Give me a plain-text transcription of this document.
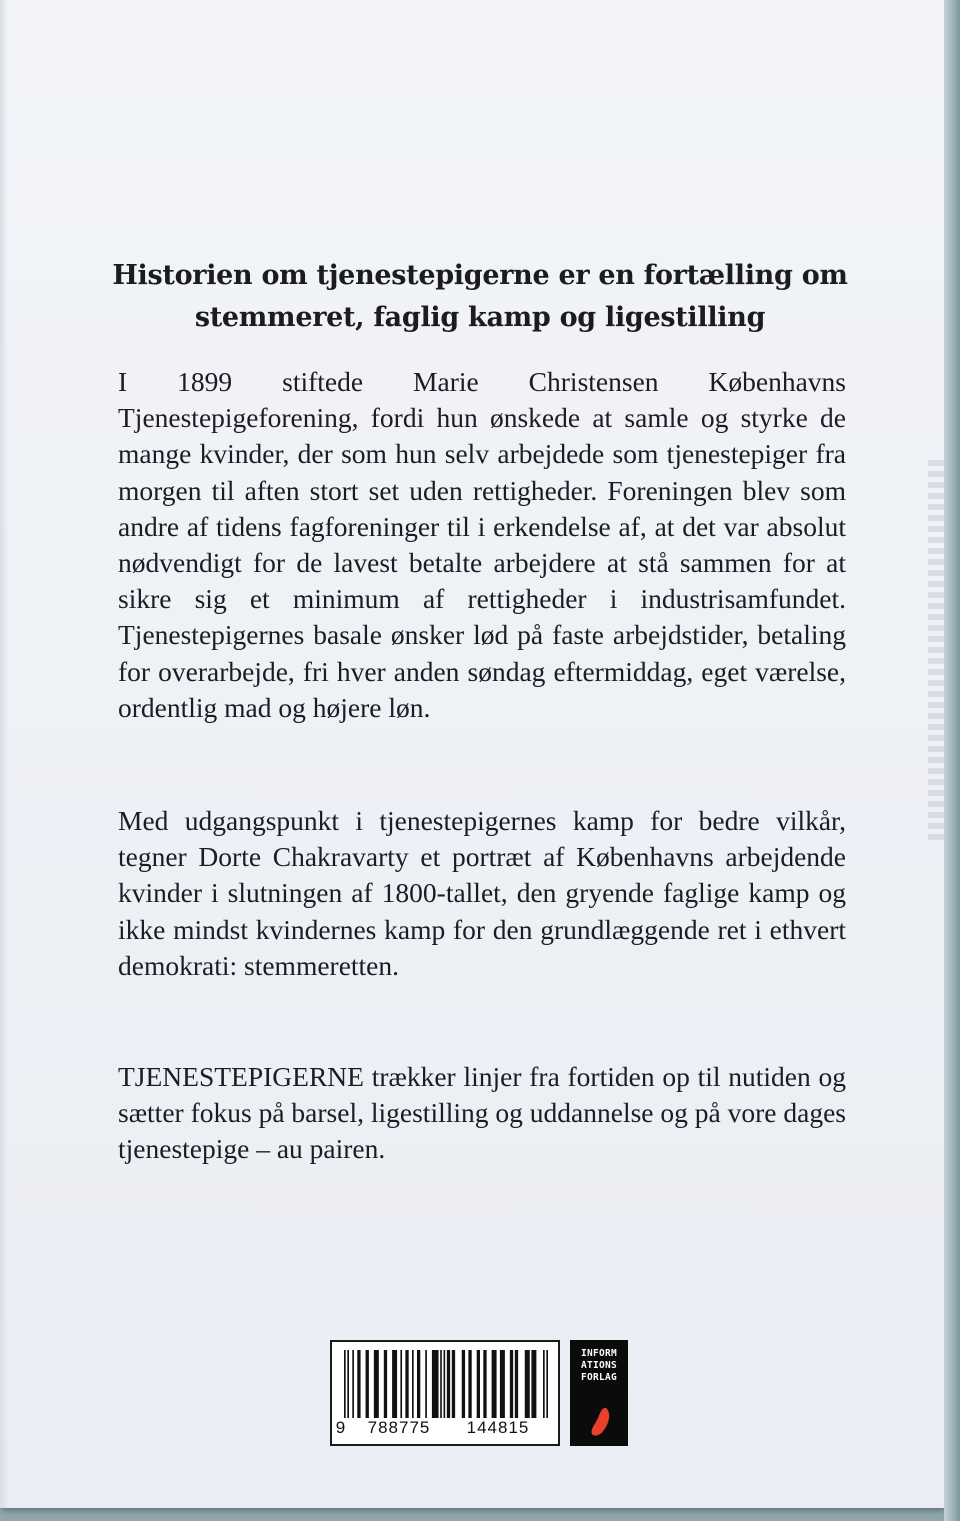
Historien om tjenestepigerne er en fortælling om stemmeret, faglig kamp og ligestilling

I 1899 stiftede Marie Christensen Københavns Tjenestepigeforening, fordi hun ønskede at samle og styrke de mange kvinder, der som hun selv arbejdede som tjenestepiger fra morgen til aften stort set uden rettigheder. Foreningen blev som andre af tidens fagforeninger til i erkendelse af, at det var absolut nødvendigt for de lavest betalte arbejdere at stå sammen for at sikre sig et minimum af rettigheder i industrisamfundet. Tjenestepigernes basale ønsker lød på faste arbejdstider, betaling for overarbejde, fri hver anden søndag eftermiddag, eget værelse, ordentlig mad og højere løn.

Med udgangspunkt i tjenestepigernes kamp for bedre vilkår, tegner Dorte Chakravarty et portræt af Københavns arbejdende kvinder i slutningen af 1800-tallet, den gryende faglige kamp og ikke mindst kvindernes kamp for den grundlæggende ret i ethvert demokrati: stemmeretten.

TJENESTEPIGERNE trækker linjer fra fortiden op til nutiden og sætter fokus på barsel, ligestilling og uddannelse og på vore dages tjenestepige – au pairen.

9	788775	144815

INFORM
ATIONS
FORLAG
